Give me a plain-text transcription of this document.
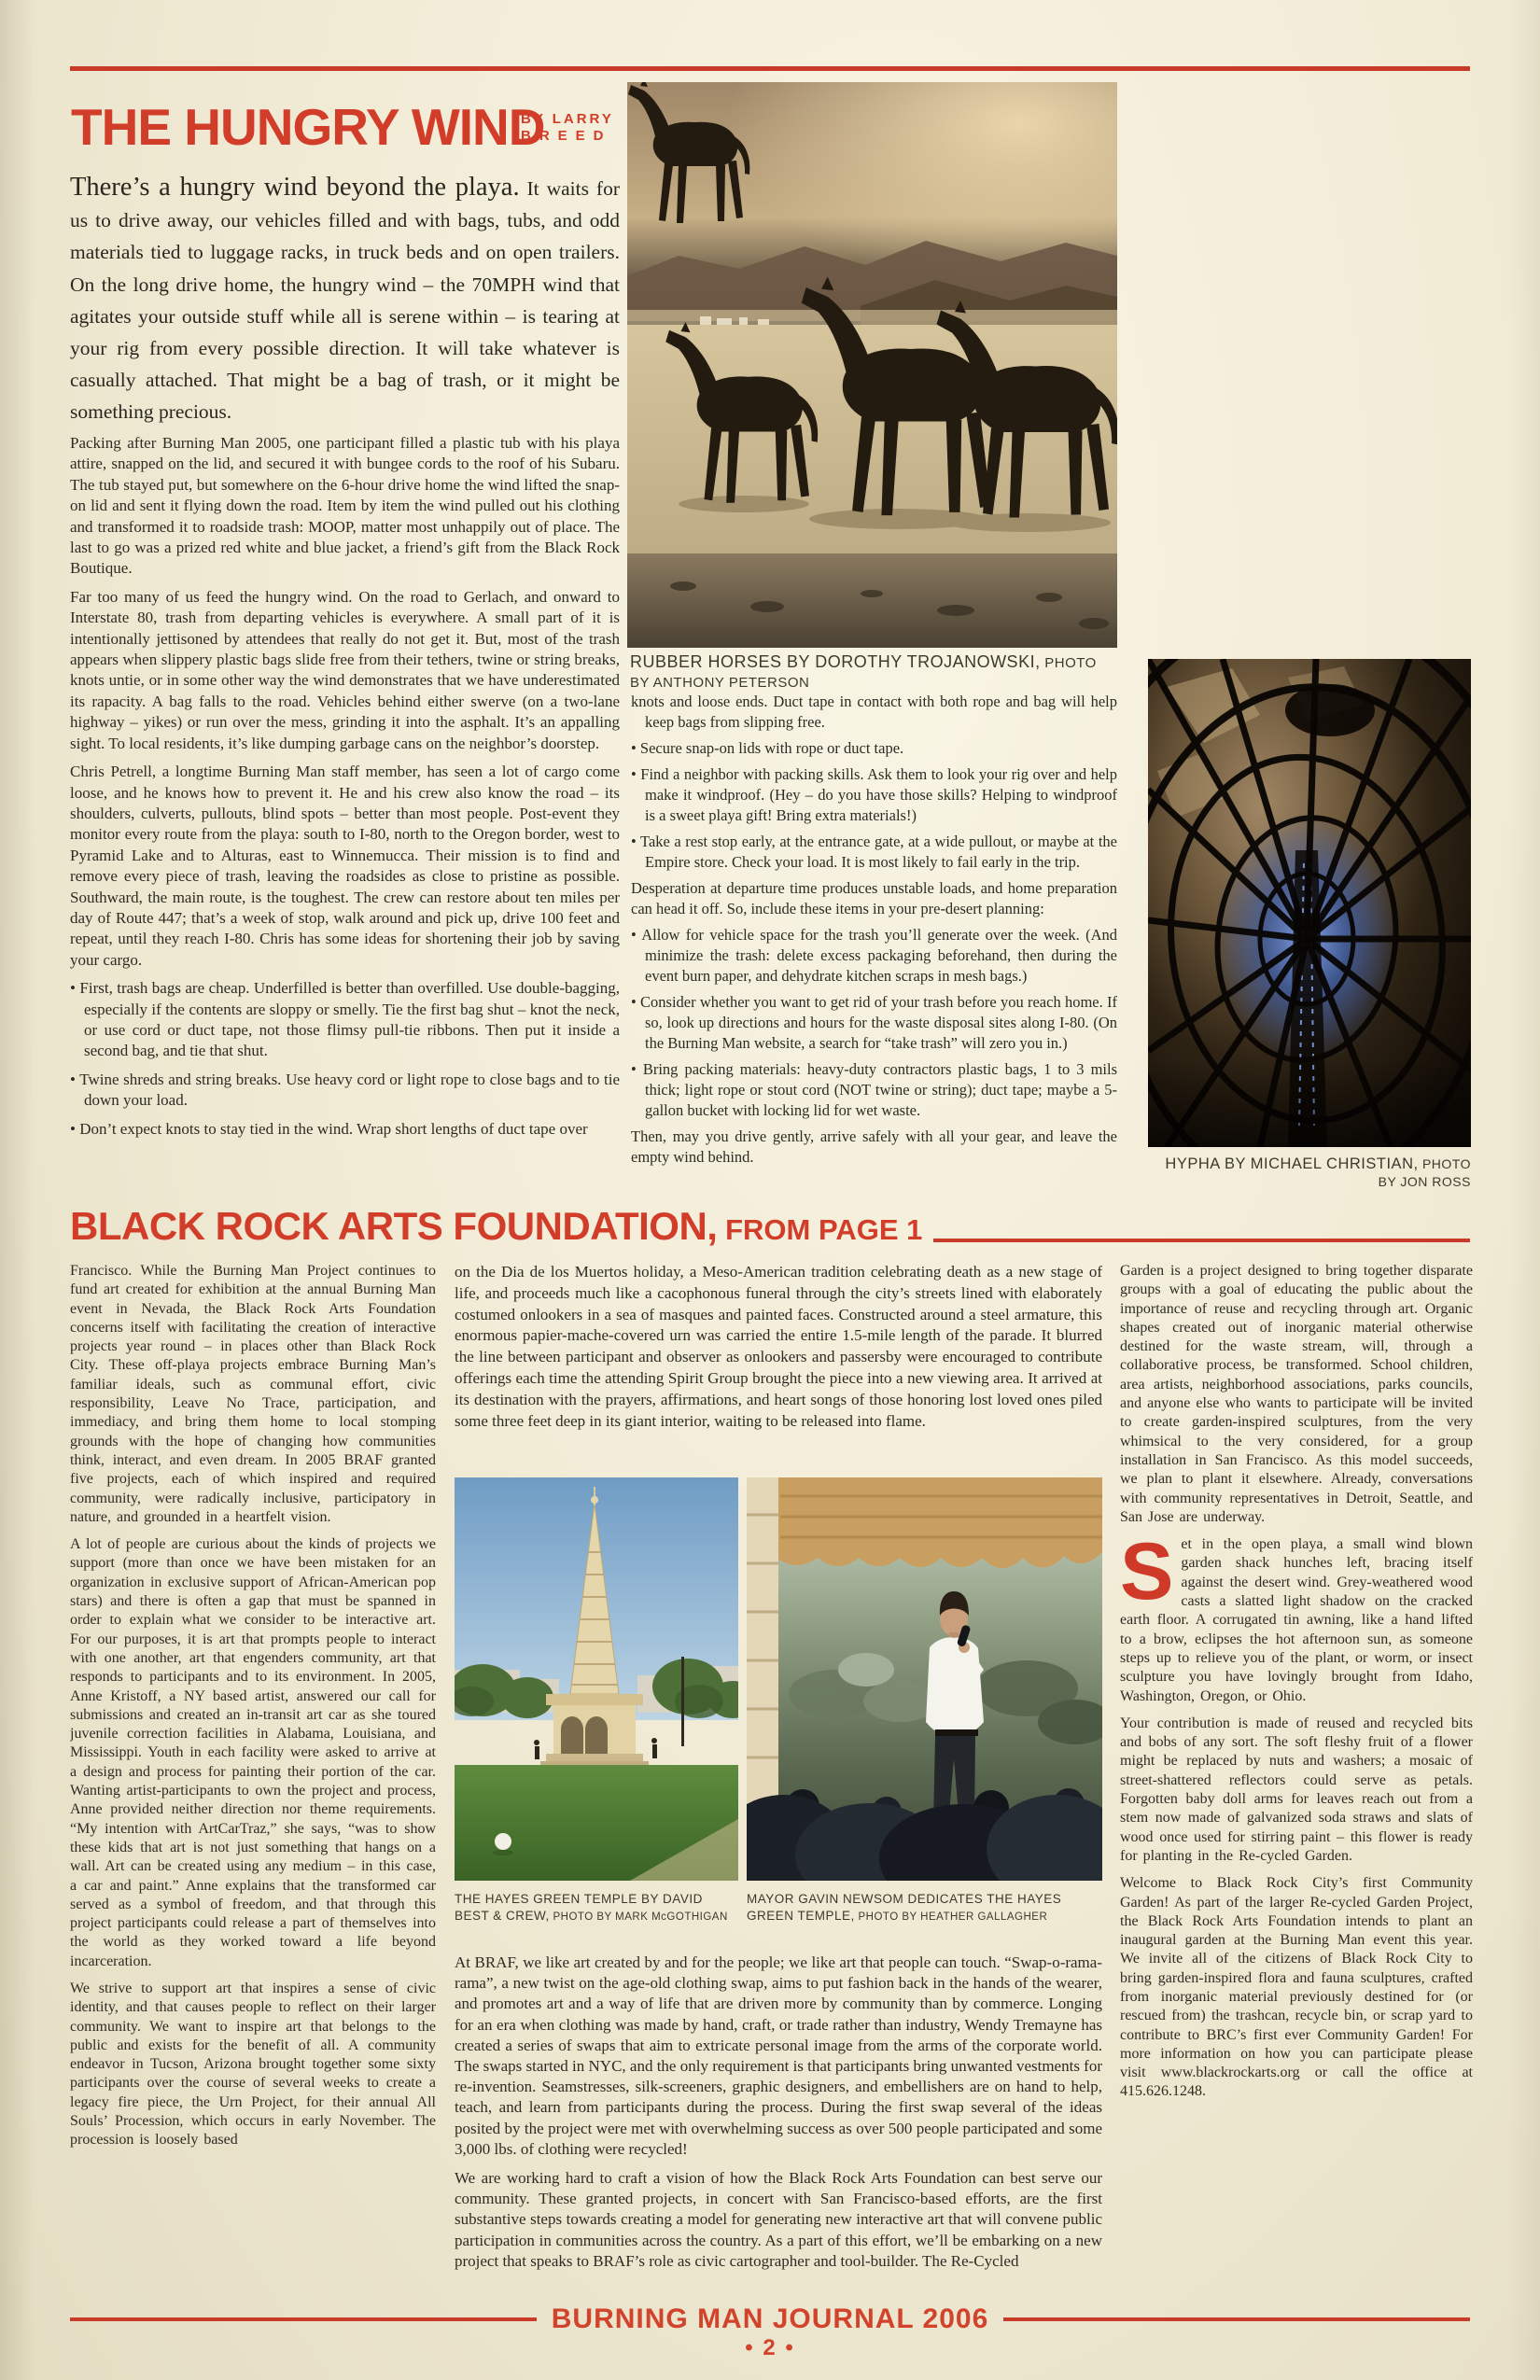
THE HUNGRY WIND
BY LARRY
BREED

There’s a hungry wind beyond the playa. It waits for us to drive away, our vehicles filled and with bags, tubs, and odd materials tied to luggage racks, in truck beds and on open trailers. On the long drive home, the hungry wind – the 70MPH wind that agitates your outside stuff while all is serene within – is tearing at your rig from every possible direction. It will take whatever is casually attached. That might be a bag of trash, or it might be something precious.

Packing after Burning Man 2005, one participant filled a plastic tub with his playa attire, snapped on the lid, and secured it with bungee cords to the roof of his Subaru. The tub stayed put, but somewhere on the 6-hour drive home the wind lifted the snap-on lid and sent it flying down the road. Item by item the wind pulled out his clothing and transformed it to roadside trash: MOOP, matter most unhappily out of place. The last to go was a prized red white and blue jacket, a friend’s gift from the Black Rock Boutique.

Far too many of us feed the hungry wind. On the road to Gerlach, and onward to Interstate 80, trash from departing vehicles is everywhere. A small part of it is intentionally jettisoned by attendees that really do not get it. But, most of the trash appears when slippery plastic bags slide free from their tethers, twine or string breaks, knots untie, or in some other way the wind demonstrates that we have underestimated its rapacity. A bag falls to the road. Vehicles behind either swerve (on a two-lane highway – yikes) or run over the mess, grinding it into the asphalt. It’s an appalling sight. To local residents, it’s like dumping garbage cans on the neighbor’s doorstep.

Chris Petrell, a longtime Burning Man staff member, has seen a lot of cargo come loose, and he knows how to prevent it. He and his crew also know the road – its shoulders, culverts, pullouts, blind spots – better than most people. Post-event they monitor every route from the playa: south to I-80, north to the Oregon border, west to Pyramid Lake and to Alturas, east to Winnemucca. Their mission is to find and remove every piece of trash, leaving the roadsides as close to pristine as possible. Southward, the main route, is the toughest. The crew can restore about ten miles per day of Route 447; that’s a week of stop, walk around and pick up, drive 100 feet and repeat, until they reach I-80. Chris has some ideas for shortening their job by saving your cargo.

• First, trash bags are cheap. Underfilled is better than overfilled. Use double-bagging, especially if the contents are sloppy or smelly. Tie the first bag shut – knot the neck, or use cord or duct tape, not those flimsy pull-tie ribbons. Then put it inside a second bag, and tie that shut.

• Twine shreds and string breaks. Use heavy cord or light rope to close bags and to tie down your load.

• Don’t expect knots to stay tied in the wind. Wrap short lengths of duct tape over

RUBBER HORSES BY DOROTHY TROJANOWSKI, PHOTO BY ANTHONY PETERSON

knots and loose ends. Duct tape in contact with both rope and bag will help keep bags from slipping free.

• Secure snap-on lids with rope or duct tape.

• Find a neighbor with packing skills. Ask them to look your rig over and help make it windproof. (Hey – do you have those skills? Helping to windproof is a sweet playa gift! Bring extra materials!)

• Take a rest stop early, at the entrance gate, at a wide pullout, or maybe at the Empire store. Check your load. It is most likely to fail early in the trip.

Desperation at departure time produces unstable loads, and home preparation can head it off. So, include these items in your pre-desert planning:

• Allow for vehicle space for the trash you’ll generate over the week. (And minimize the trash: delete excess packaging beforehand, then during the event burn paper, and dehydrate kitchen scraps in mesh bags.)

• Consider whether you want to get rid of your trash before you reach home. If so, look up directions and hours for the waste disposal sites along I-80. (On the Burning Man website, a search for “take trash” will zero you in.)

• Bring packing materials: heavy-duty contractors plastic bags, 1 to 3 mils thick; light rope or stout cord (NOT twine or string); duct tape; maybe a 5-gallon bucket with locking lid for wet waste.

Then, may you drive gently, arrive safely with all your gear, and leave the empty wind behind.	HYPHA BY MICHAEL CHRISTIAN, PHOTO BY JON ROSS
BLACK ROCK ARTS FOUNDATION, FROM PAGE 1

Francisco. While the Burning Man Project continues to fund art created for exhibition at the annual Burning Man event in Nevada, the Black Rock Arts Foundation concerns itself with facilitating the creation of interactive projects year round – in places other than Black Rock City. These off-playa projects embrace Burning Man’s familiar ideals, such as communal effort, civic responsibility, Leave No Trace, participation, and immediacy, and bring them home to local stomping grounds with the hope of changing how communities think, interact, and even dream. In 2005 BRAF granted five projects, each of which inspired and required community, were radically inclusive, participatory in nature, and grounded in a heartfelt vision.

A lot of people are curious about the kinds of projects we support (more than once we have been mistaken for an organization in exclusive support of African-American pop stars) and there is often a gap that must be spanned in order to explain what we consider to be interactive art. For our purposes, it is art that prompts people to interact with one another, art that engenders community, art that responds to participants and to its environment. In 2005, Anne Kristoff, a NY based artist, answered our call for submissions and created an in-transit art car as she toured juvenile correction facilities in Alabama, Louisiana, and Mississippi. Youth in each facility were asked to arrive at a design and process for painting their portion of the car. Wanting artist-participants to own the project and process, Anne provided neither direction nor theme requirements. “My intention with ArtCarTraz,” she says, “was to show these kids that art is not just something that hangs on a wall. Art can be created using any medium – in this case, a car and paint.” Anne explains that the transformed car served as a symbol of freedom, and that through this project participants could release a part of themselves into the world as they worked toward a life beyond incarceration.

We strive to support art that inspires a sense of civic identity, and that causes people to reflect on their larger community. We want to inspire art that belongs to the public and exists for the benefit of all. A community endeavor in Tucson, Arizona brought together some sixty participants over the course of several weeks to create a legacy fire piece, the Urn Project, for their annual All Souls’ Procession, which occurs in early November. The procession is loosely based

on the Dia de los Muertos holiday, a Meso-American tradition celebrating death as a new stage of life, and proceeds much like a cacophonous funeral through the city’s streets lined with elaborately costumed onlookers in a sea of masques and painted faces. Constructed around a steel armature, this enormous papier-mache-covered urn was carried the entire 1.5-mile length of the parade. It blurred the line between participant and observer as onlookers and passersby were encouraged to contribute offerings each time the attending Spirit Group brought the piece into a new viewing area. It arrived at its destination with the prayers, affirmations, and heart songs of those honoring lost loved ones piled some three feet deep in its giant interior, waiting to be released into flame.

THE HAYES GREEN TEMPLE BY DAVID BEST & CREW, PHOTO BY MARK McGOTHIGAN
MAYOR GAVIN NEWSOM DEDICATES THE HAYES GREEN TEMPLE, PHOTO BY HEATHER GALLAGHER

At BRAF, we like art created by and for the people; we like art that people can touch. “Swap-o-rama-rama”, a new twist on the age-old clothing swap, aims to put fashion back in the hands of the wearer, and promotes art and a way of life that are driven more by community than by commerce. Longing for an era when clothing was made by hand, craft, or trade rather than industry, Wendy Tremayne has created a series of swaps that aim to extricate personal image from the arms of the corporate world. The swaps started in NYC, and the only requirement is that participants bring unwanted vestments for re-invention. Seamstresses, silk-screeners, graphic designers, and embellishers are on hand to help, teach, and learn from participants during the process. During the first swap several of the ideas posited by the project were met with overwhelming success as over 500 people participated and some 3,000 lbs. of clothing were recycled!

We are working hard to craft a vision of how the Black Rock Arts Foundation can best serve our community. These granted projects, in concert with San Francisco-based efforts, are the first substantive steps towards creating a model for generating new interactive art that will convene public participation in communities across the country. As a part of this effort, we’ll be embarking on a new project that speaks to BRAF’s role as civic cartographer and tool-builder. The Re-Cycled

Garden is a project designed to bring together disparate groups with a goal of educating the public about the importance of reuse and recycling through art. Organic shapes created out of inorganic material otherwise destined for the waste stream, will, through a collaborative process, be transformed. School children, area artists, neighborhood associations, parks councils, and anyone else who wants to participate will be invited to create garden-inspired sculptures, from the very whimsical to the very considered, for a group installation in San Francisco. As this model succeeds, we plan to plant it elsewhere. Already, conversations with community representatives in Detroit, Seattle, and San Jose are underway.

Set in the open playa, a small wind blown garden shack hunches left, bracing itself against the desert wind. Grey-weathered wood casts a slatted light shadow on the cracked earth floor. A corrugated tin awning, like a hand lifted to a brow, eclipses the hot afternoon sun, as someone steps up to relieve you of the plant, or worm, or insect sculpture you have lovingly brought from Idaho, Washington, Oregon, or Ohio.

Your contribution is made of reused and recycled bits and bobs of any sort. The soft fleshy fruit of a flower might be replaced by nuts and washers; a mosaic of street-shattered reflectors could serve as petals. Forgotten baby doll arms for leaves reach out from a stem now made of galvanized soda straws and slats of wood once used for stirring paint – this flower is ready for planting in the Re-cycled Garden.

Welcome to Black Rock City’s first Community Garden! As part of the larger Re-cycled Garden Project, the Black Rock Arts Foundation intends to plant an inaugural garden at the Burning Man event this year. We invite all of the citizens of Black Rock City to bring garden-inspired flora and fauna sculptures, crafted from inorganic material previously destined for (or rescued from) the trashcan, recycle bin, or scrap yard to contribute to BRC’s first ever Community Garden! For more information on how you can participate please visit www.blackrockarts.org or call the office at 415.626.1248.

BURNING MAN JOURNAL 2006
• 2 •
